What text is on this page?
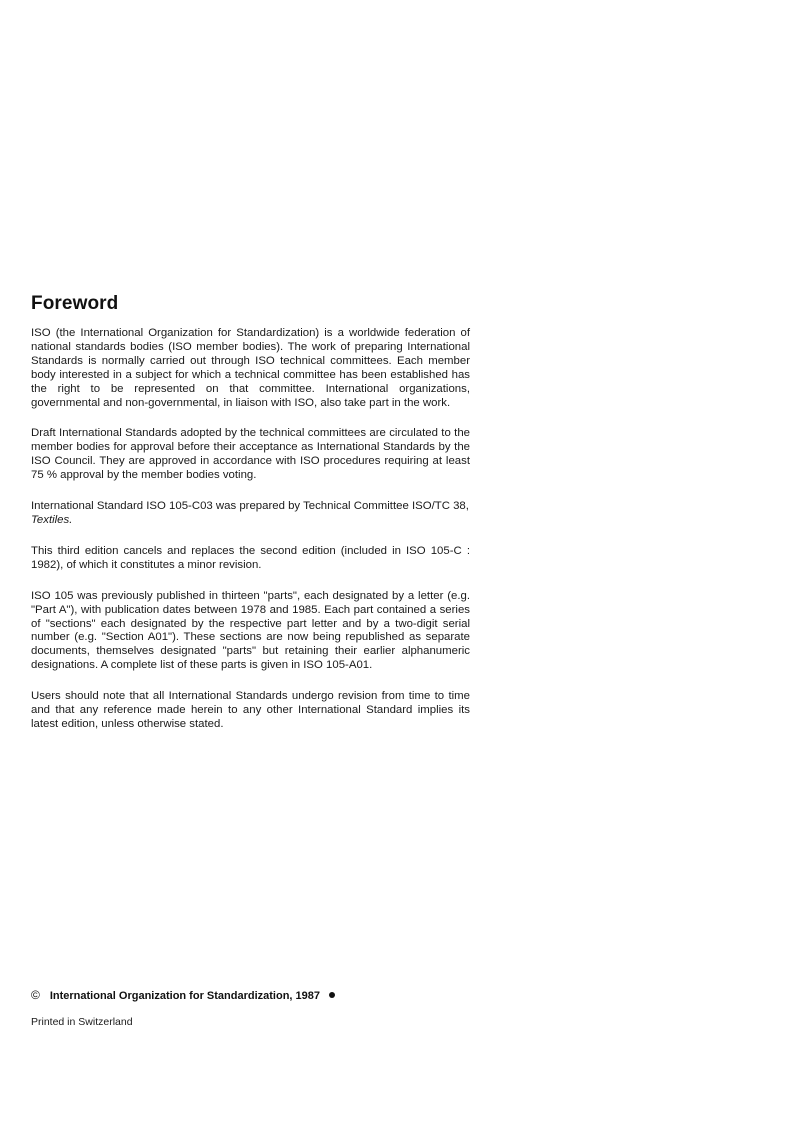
Foreword

ISO (the International Organization for Standardization) is a worldwide federation of national standards bodies (ISO member bodies). The work of preparing International Standards is normally carried out through ISO technical committees. Each member body interested in a subject for which a technical committee has been established has the right to be represented on that committee. International organizations, governmental and non-governmental, in liaison with ISO, also take part in the work.

Draft International Standards adopted by the technical committees are circulated to the member bodies for approval before their acceptance as International Standards by the ISO Council. They are approved in accordance with ISO procedures requiring at least 75 % approval by the member bodies voting.

International Standard ISO 105-C03 was prepared by Technical Committee ISO/TC 38,
Textiles.

This third edition cancels and replaces the second edition (included in ISO 105-C : 1982), of which it constitutes a minor revision.

ISO 105 was previously published in thirteen "parts", each designated by a letter (e.g. "Part A"), with publication dates between 1978 and 1985. Each part contained a series of "sections" each designated by the respective part letter and by a two-digit serial number (e.g. "Section A01"). These sections are now being republished as separate documents, themselves designated "parts" but retaining their earlier alphanumeric designations. A complete list of these parts is given in ISO 105-A01.

Users should note that all International Standards undergo revision from time to time and that any reference made herein to any other International Standard implies its latest edition, unless otherwise stated.

© International Organization for Standardization, 1987
Printed in Switzerland
